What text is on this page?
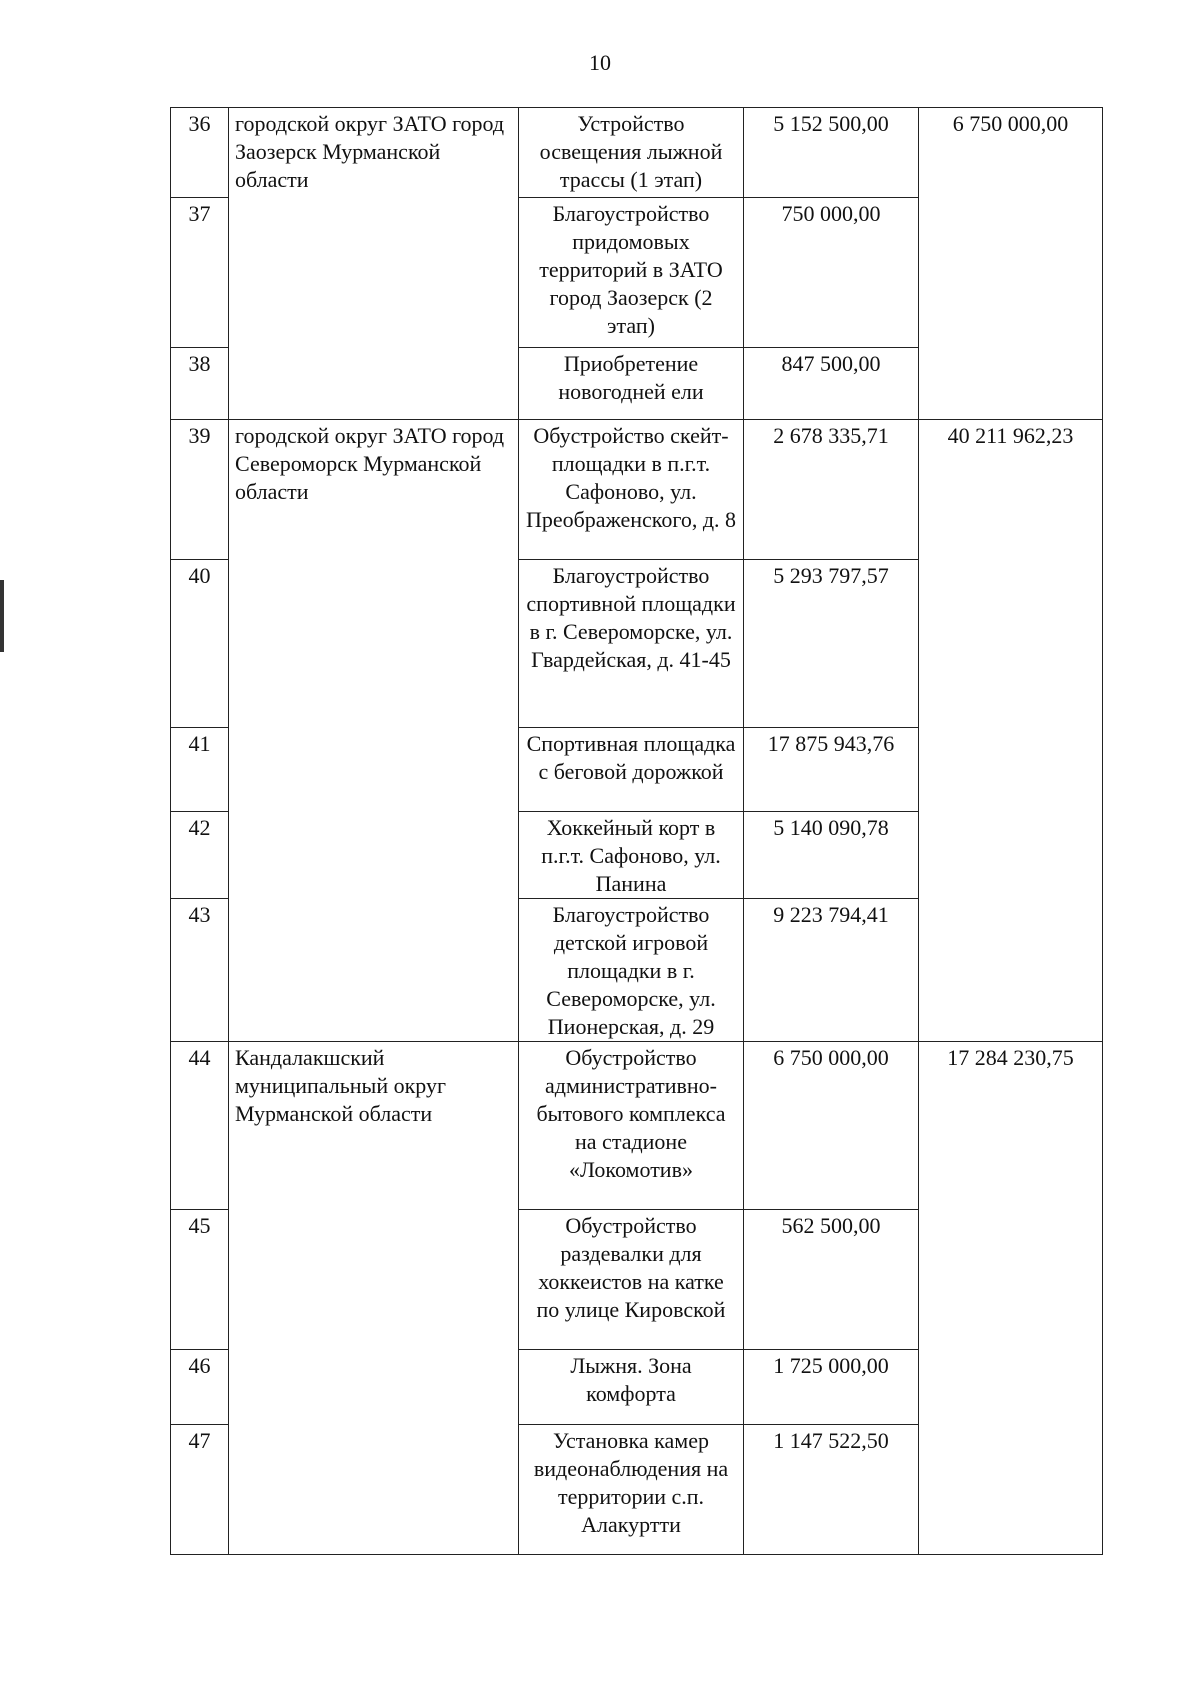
10
36	городской округ ЗАТО город Заозерск Мурманской области	Устройство освещения лыжной трассы (1 этап)	5 152 500,00	6 750 000,00
37		Благоустройство придомовых территорий в ЗАТО город Заозерск (2 этап)	750 000,00	
38		Приобретение новогодней ели	847 500,00	
39	городской округ ЗАТО город Североморск Мурманской области	Обустройство скейт-площадки в п.г.т. Сафоново, ул. Преображенского, д. 8	2 678 335,71	40 211 962,23
40		Благоустройство спортивной площадки в г. Североморске, ул. Гвардейская, д. 41-45	5 293 797,57	
41		Спортивная площадка с беговой дорожкой	17 875 943,76	
42		Хоккейный корт в п.г.т. Сафоново, ул. Панина	5 140 090,78	
43		Благоустройство детской игровой площадки в г. Североморске, ул. Пионерская, д. 29	9 223 794,41	
44	Кандалакшский муниципальный округ Мурманской области	Обустройство административно-бытового комплекса на стадионе «Локомотив»	6 750 000,00	17 284 230,75
45		Обустройство раздевалки для хоккеистов на катке по улице Кировской	562 500,00	
46		Лыжня. Зона комфорта	1 725 000,00	
47		Установка камер видеонаблюдения на территории с.п. Алакуртти	1 147 522,50	
